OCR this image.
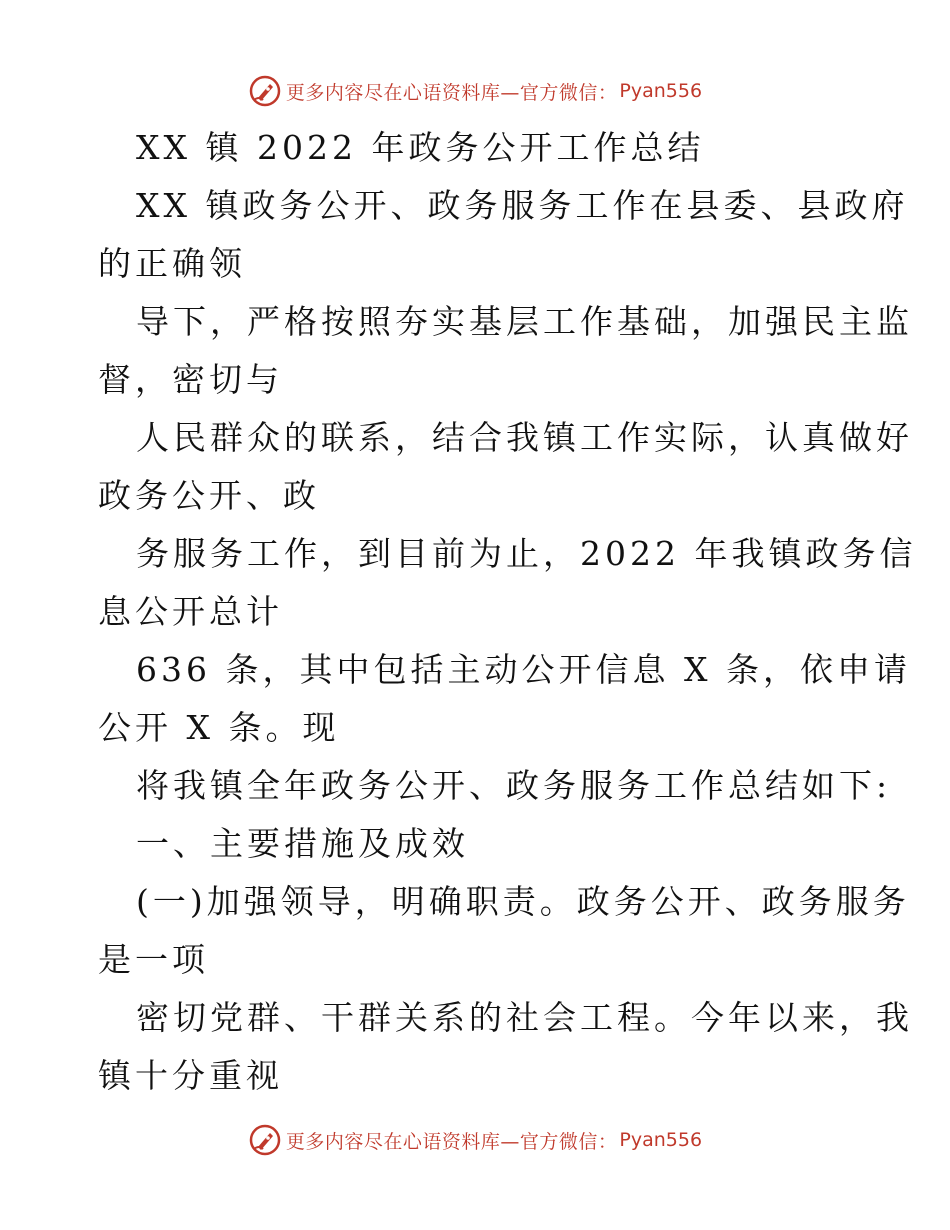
更多内容尽在心语资料库—官方微信： Pyan556
XX 镇 2022 年政务公开工作总结
XX 镇政务公开、政务服务工作在县委、县政府
的正确领
导下，严格按照夯实基层工作基础，加强民主监
督，密切与
人民群众的联系，结合我镇工作实际，认真做好
政务公开、政
务服务工作，到目前为止，2022 年我镇政务信
息公开总计
636 条，其中包括主动公开信息 X 条，依申请
公开 X 条。现
将我镇全年政务公开、政务服务工作总结如下:
一、主要措施及成效
(一)加强领导，明确职责。政务公开、政务服务
是一项
密切党群、干群关系的社会工程。今年以来，我
镇十分重视
更多内容尽在心语资料库—官方微信： Pyan556
